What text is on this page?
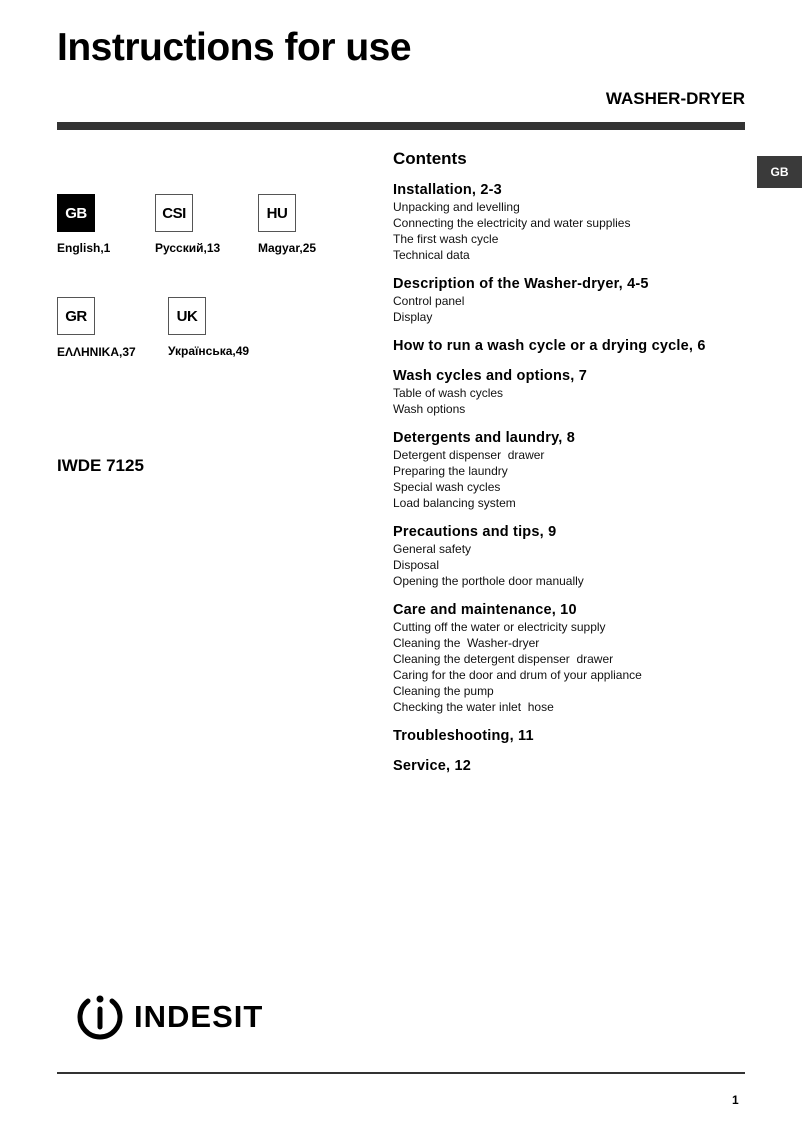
Instructions for use
WASHER-DRYER
GB
GB
English,1
CSI
Русский,13
HU
Magyar,25
GR
ΕΛΛΗΝΙΚΑ,37
UK
Українська,49
IWDE 7125
Contents
Installation, 2-3
Unpacking and levelling
Connecting the electricity and water supplies
The first wash cycle
Technical data
Description of the Washer-dryer, 4-5
Control panel
Display
How to run a wash cycle or a drying cycle, 6
Wash cycles and options, 7
Table of wash cycles
Wash options
Detergents and laundry, 8
Detergent dispenser  drawer
Preparing the laundry
Special wash cycles
Load balancing system
Precautions and tips, 9
General safety
Disposal
Opening the porthole door manually
Care and maintenance, 10
Cutting off the water or electricity supply
Cleaning the  Washer-dryer
Cleaning the detergent dispenser  drawer
Caring for the door and drum of your appliance
Cleaning the pump
Checking the water inlet  hose
Troubleshooting, 11
Service, 12
INDESIT
1
